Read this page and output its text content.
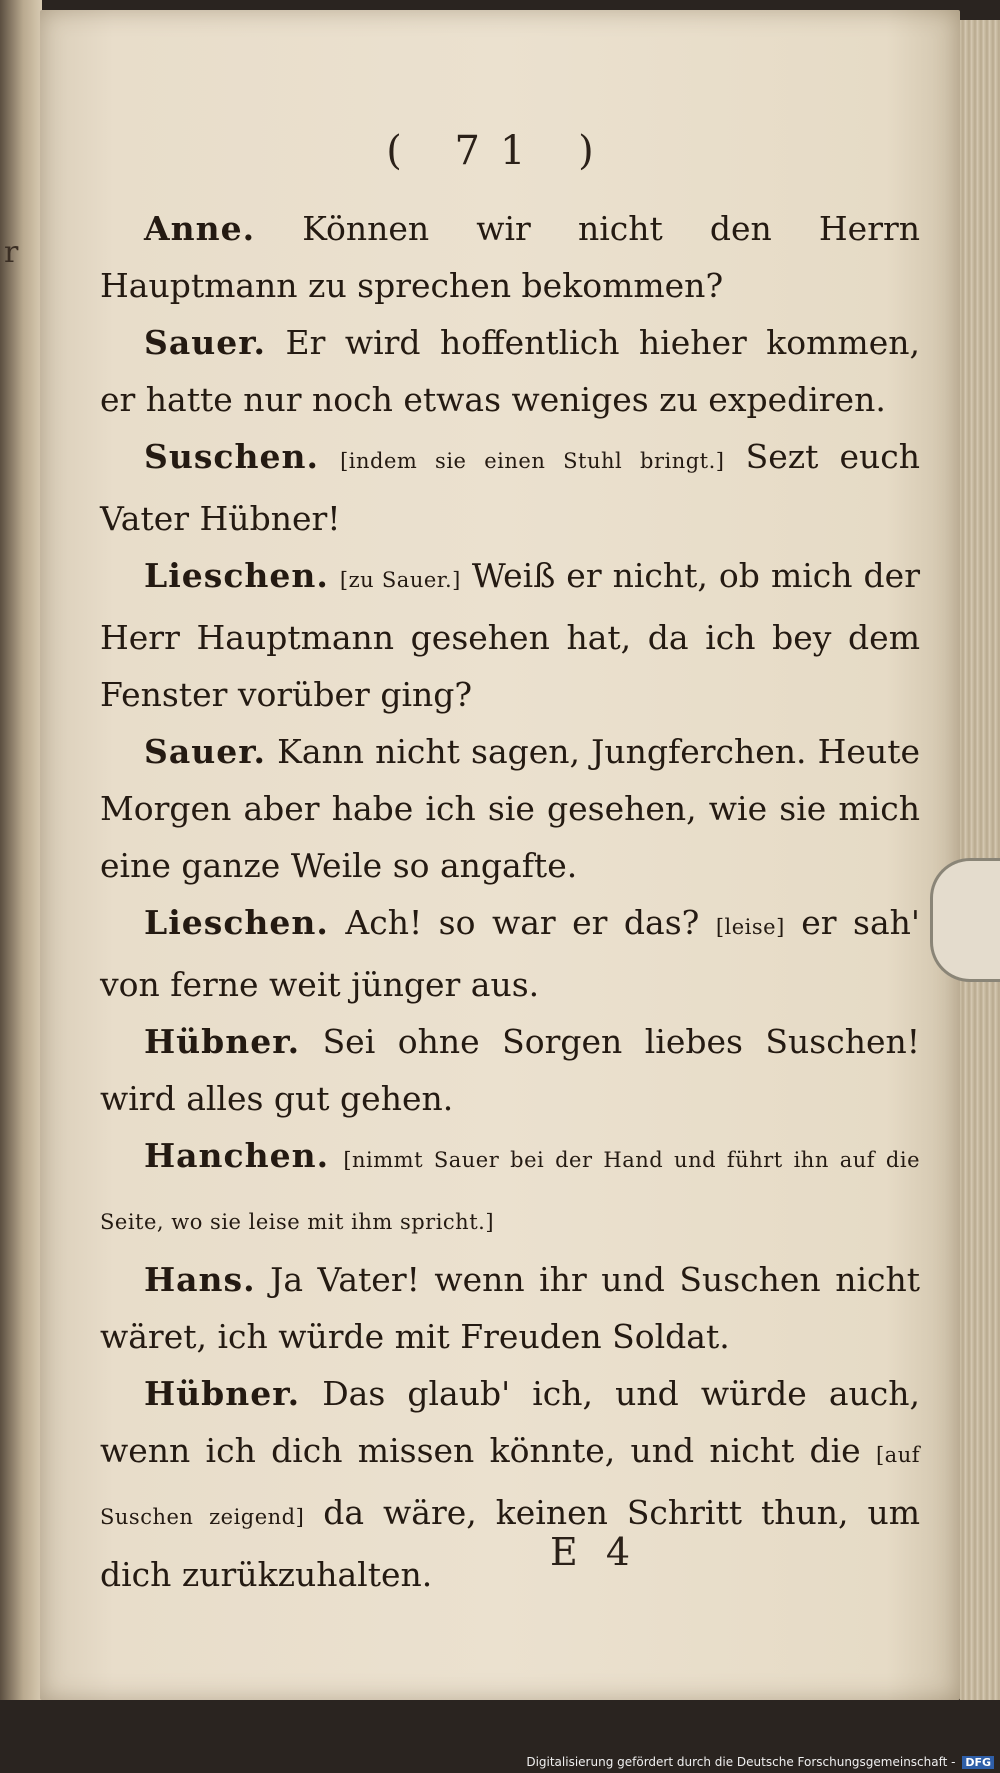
r
( 71 )

Anne. Können wir nicht den Herrn Hauptmann zu sprechen bekommen?

Sauer. Er wird hoffentlich hieher kommen, er hatte nur noch etwas weniges zu expediren.

Suschen. [indem sie einen Stuhl bringt.] Sezt euch Vater Hübner!

Lieschen. [zu Sauer.] Weiß er nicht, ob mich der Herr Hauptmann gesehen hat, da ich bey dem Fenster vorüber ging?

Sauer. Kann nicht sagen, Jungferchen. Heute Morgen aber habe ich sie gesehen, wie sie mich eine ganze Weile so angafte.

Lieschen. Ach! so war er das? [leise] er sah' von ferne weit jünger aus.

Hübner. Sei ohne Sorgen liebes Suschen! wird alles gut gehen.

Hanchen. [nimmt Sauer bei der Hand und führt ihn auf die Seite, wo sie leise mit ihm spricht.]

Hans. Ja Vater! wenn ihr und Suschen nicht wäret, ich würde mit Freuden Soldat.

Hübner. Das glaub' ich, und würde auch, wenn ich dich missen könnte, und nicht die [auf Suschen zeigend] da wäre, keinen Schritt thun, um dich zurükzuhalten.

E 4
Digitalisierung gefördert durch die Deutsche Forschungsgemeinschaft - DFG
